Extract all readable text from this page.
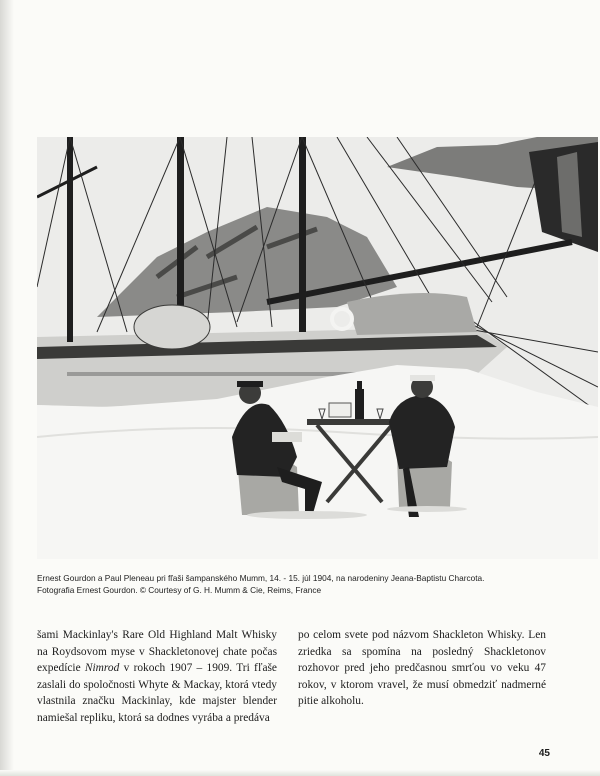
Ernest Gourdon a Paul Pleneau pri fľaši šampanského Mumm, 14. - 15. júl 1904, na narodeniny Jeana-Baptistu Charcota.

Fotografia Ernest Gourdon. © Courtesy of G. H. Mumm & Cie, Reims, France

šami Mackinlay's Rare Old Highland Malt Whisky na Roydsovom myse v Shackletonovej chate počas expedície Nimrod v rokoch 1907 – 1909. Tri fľaše zaslali do spoločnosti Whyte & Mackay, ktorá vtedy vlastnila značku Mackinlay, kde majster blender namiešal repliku, ktorá sa dodnes vyrába a predáva

po celom svete pod názvom Shackleton Whisky. Len zriedka sa spomína na posledný Shackletonov rozhovor pred jeho predčasnou smrťou vo veku 47 rokov, v ktorom vravel, že musí obmedziť nadmerné pitie alkoholu.

45
